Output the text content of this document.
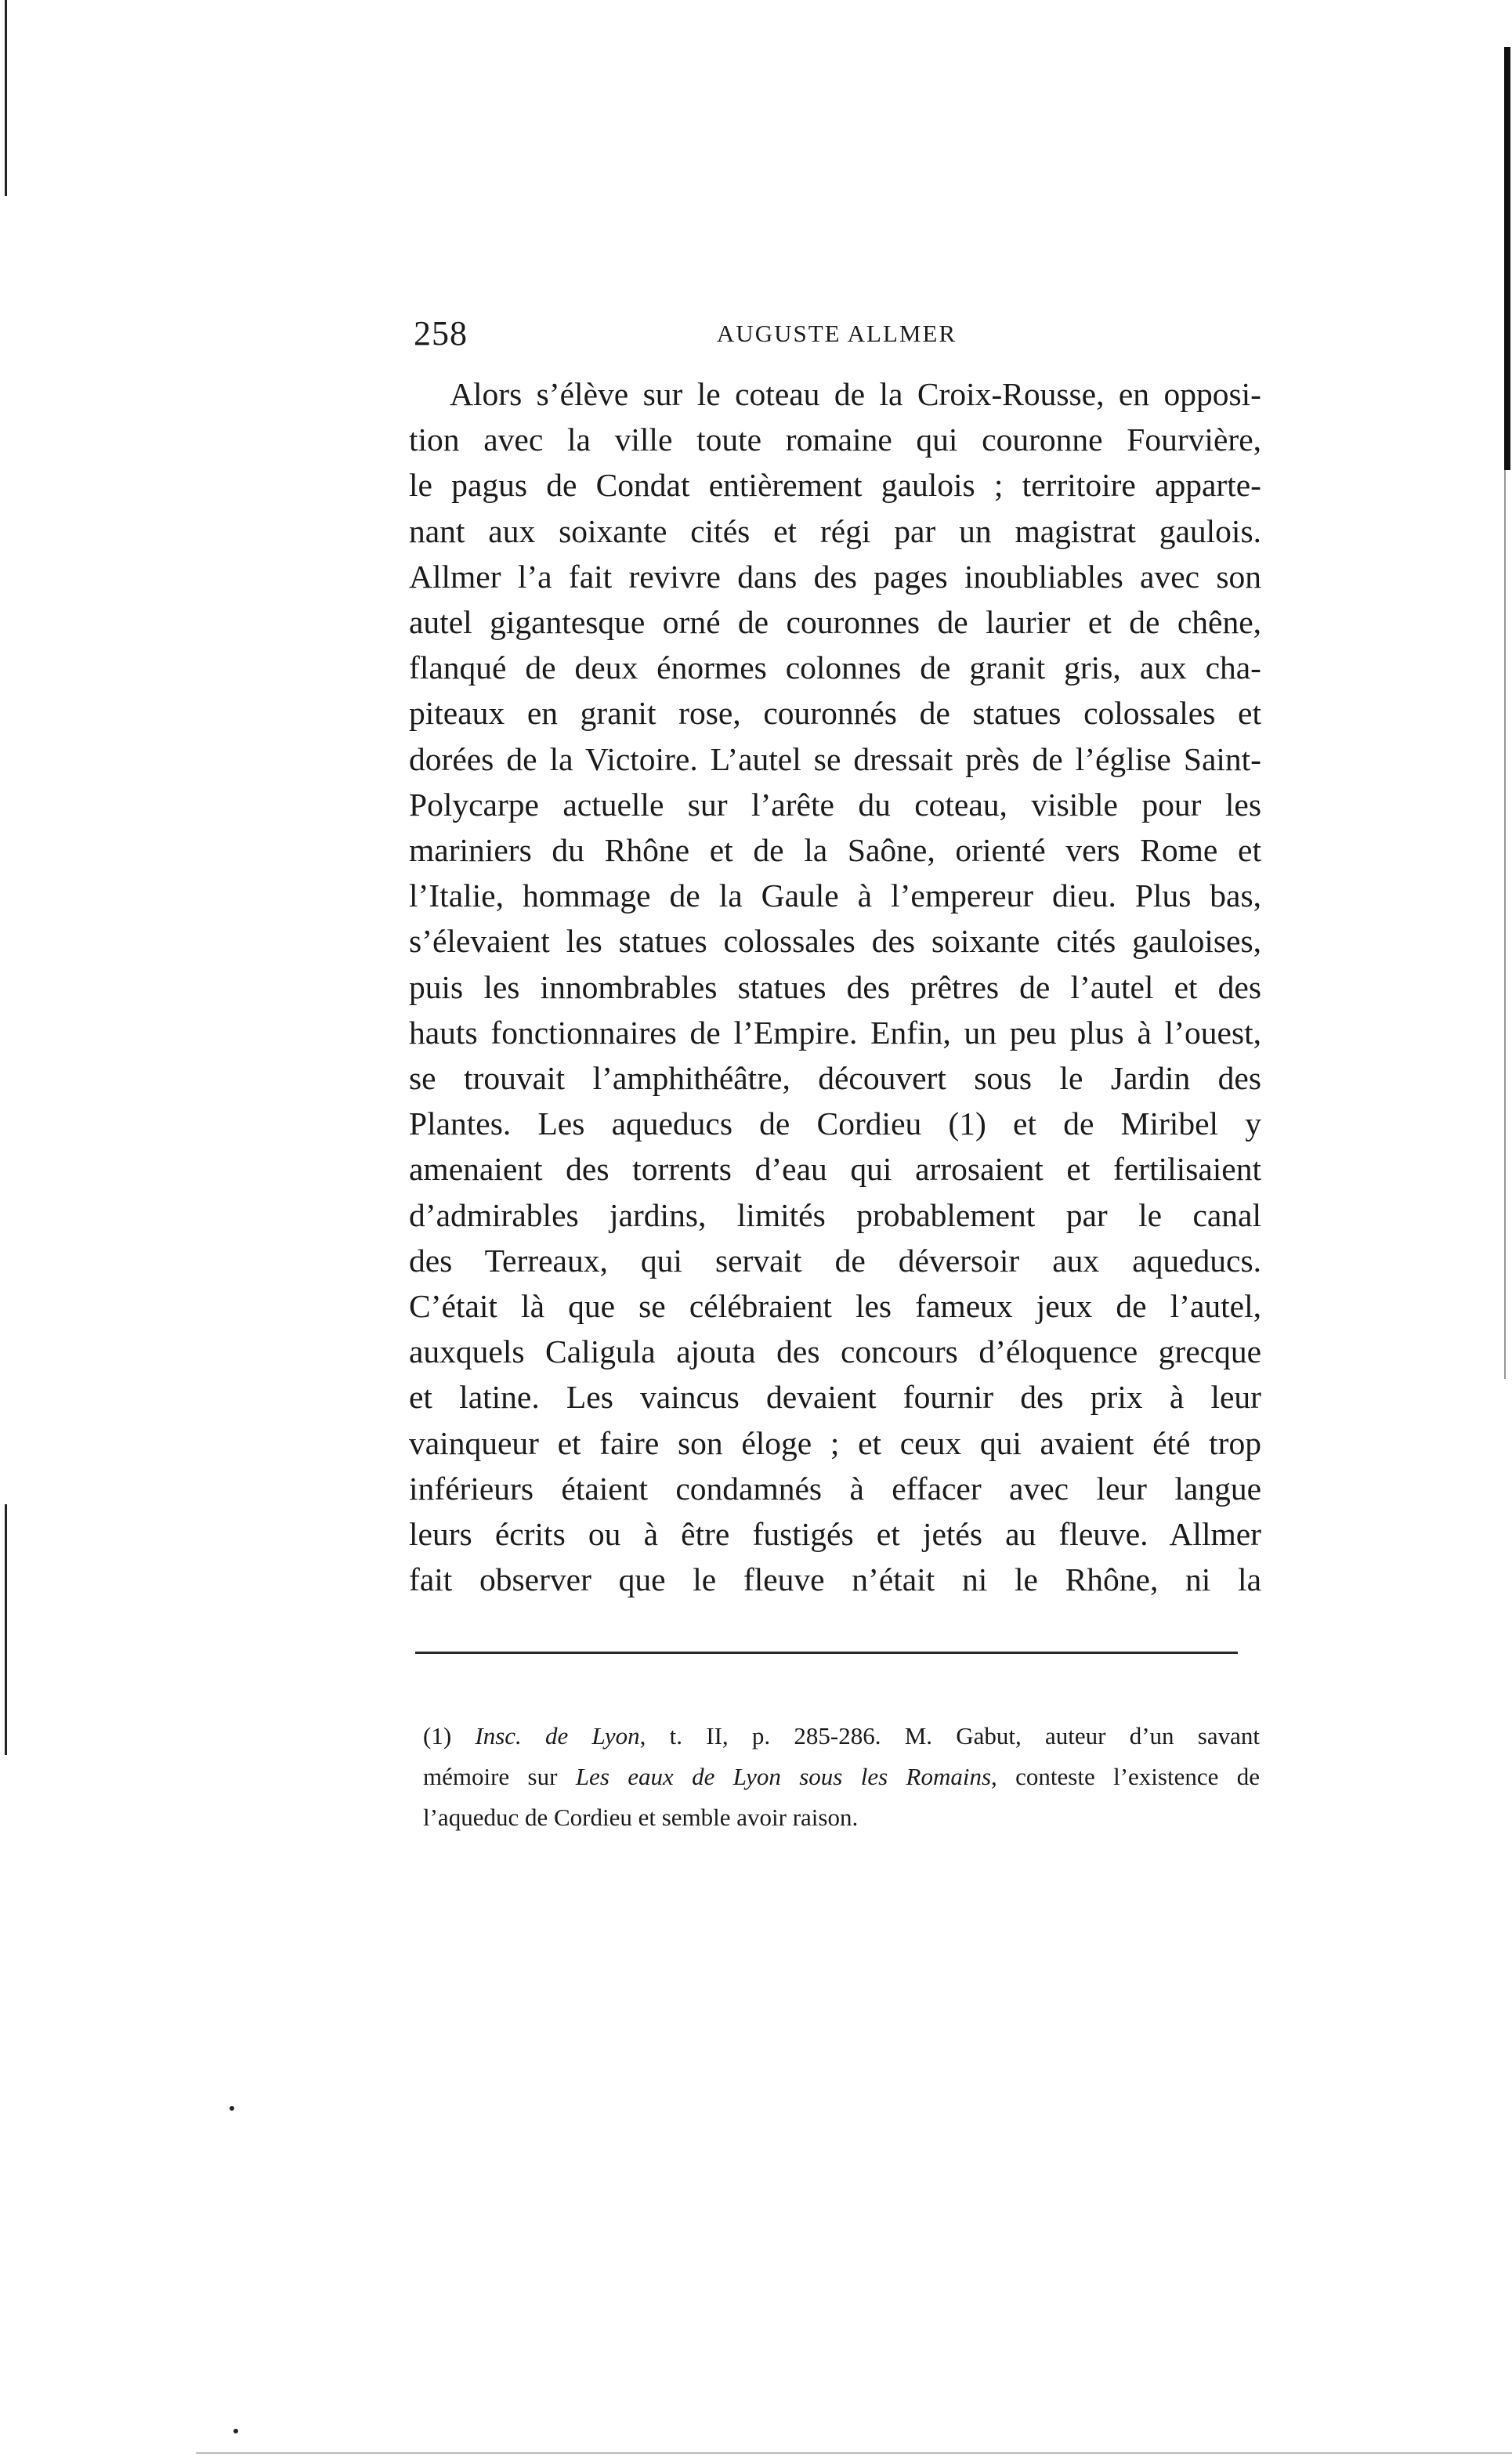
258	AUGUSTE ALLMER
Alors s’élève sur le coteau de la Croix-Rousse, en opposi-
tion avec la ville toute romaine qui couronne Fourvière,
le pagus de Condat entièrement gaulois ; territoire apparte-
nant aux soixante cités et régi par un magistrat gaulois.
Allmer l’a fait revivre dans des pages inoubliables avec son
autel gigantesque orné de couronnes de laurier et de chêne,
flanqué de deux énormes colonnes de granit gris, aux cha-
piteaux en granit rose, couronnés de statues colossales et
dorées de la Victoire. L’autel se dressait près de l’église Saint-
Polycarpe actuelle sur l’arête du coteau, visible pour les
mariniers du Rhône et de la Saône, orienté vers Rome et
l’Italie, hommage de la Gaule à l’empereur dieu. Plus bas,
s’élevaient les statues colossales des soixante cités gauloises,
puis les innombrables statues des prêtres de l’autel et des
hauts fonctionnaires de l’Empire. Enfin, un peu plus à l’ouest,
se trouvait l’amphithéâtre, découvert sous le Jardin des
Plantes. Les aqueducs de Cordieu (1) et de Miribel y
amenaient des torrents d’eau qui arrosaient et fertilisaient
d’admirables jardins, limités probablement par le canal
des Terreaux, qui servait de déversoir aux aqueducs.
C’était là que se célébraient les fameux jeux de l’autel,
auxquels Caligula ajouta des concours d’éloquence grecque
et latine. Les vaincus devaient fournir des prix à leur
vainqueur et faire son éloge ; et ceux qui avaient été trop
inférieurs étaient condamnés à effacer avec leur langue
leurs écrits ou à être fustigés et jetés au fleuve. Allmer
fait observer que le fleuve n’était ni le Rhône, ni la
(1) Insc. de Lyon, t. II, p. 285-286. M. Gabut, auteur d’un savant
mémoire sur Les eaux de Lyon sous les Romains, conteste l’existence de
l’aqueduc de Cordieu et semble avoir raison.
